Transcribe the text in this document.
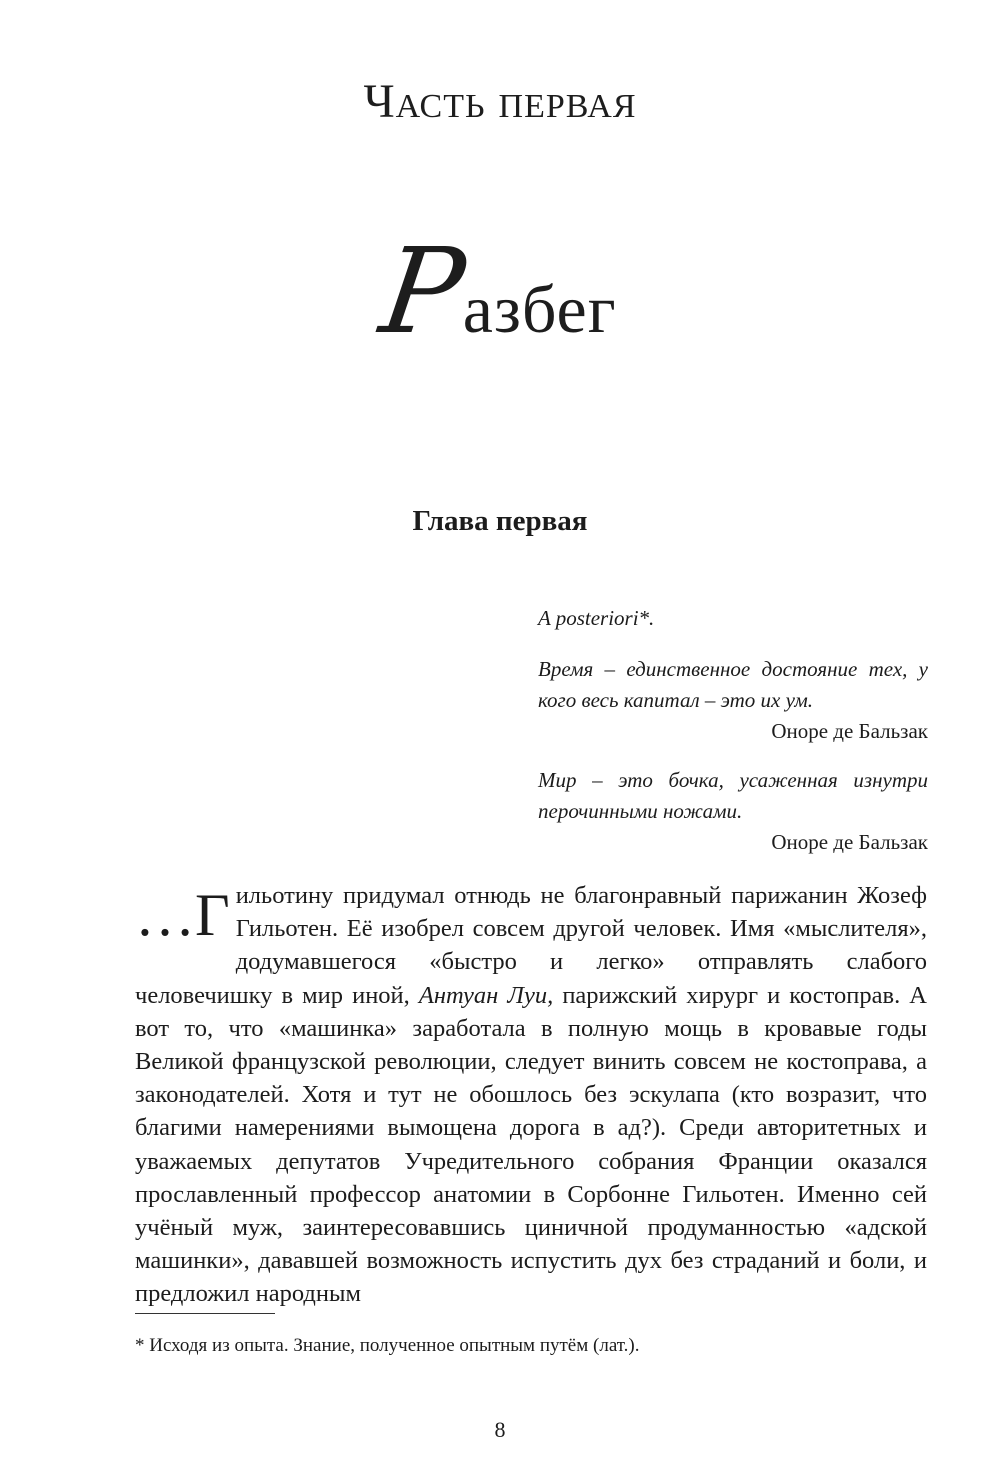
Часть первая
Разбег
Глава первая
A posteriori*.
Время – единственное достояние тех, у кого весь капитал – это их ум.
Оноре де Бальзак
Мир – это бочка, усаженная изнутри перочинными ножами.
Оноре де Бальзак
…Г ильотину придумал отнюдь не благонравный парижанин Жозеф Гильотен. Её изобрел совсем другой человек. Имя «мыслителя», додумавшегося «быстро и легко» отправлять слабого человечишку в мир иной, Антуан Луи, парижский хирург и костоправ. А вот то, что «машинка» заработала в полную мощь в кровавые годы Великой французской революции, следует винить совсем не костоправа, а законодателей. Хотя и тут не обошлось без эскулапа (кто возразит, что благими намерениями вымощена дорога в ад?). Среди авторитетных и уважаемых депутатов Учредительного собрания Франции оказался прославленный профессор анатомии в Сорбонне Гильотен. Именно сей учёный муж, заинтересовавшись циничной продуманностью «адской машинки», дававшей возможность испустить дух без страданий и боли, и предложил народным
* Исходя из опыта. Знание, полученное опытным путём (лат.).
8
